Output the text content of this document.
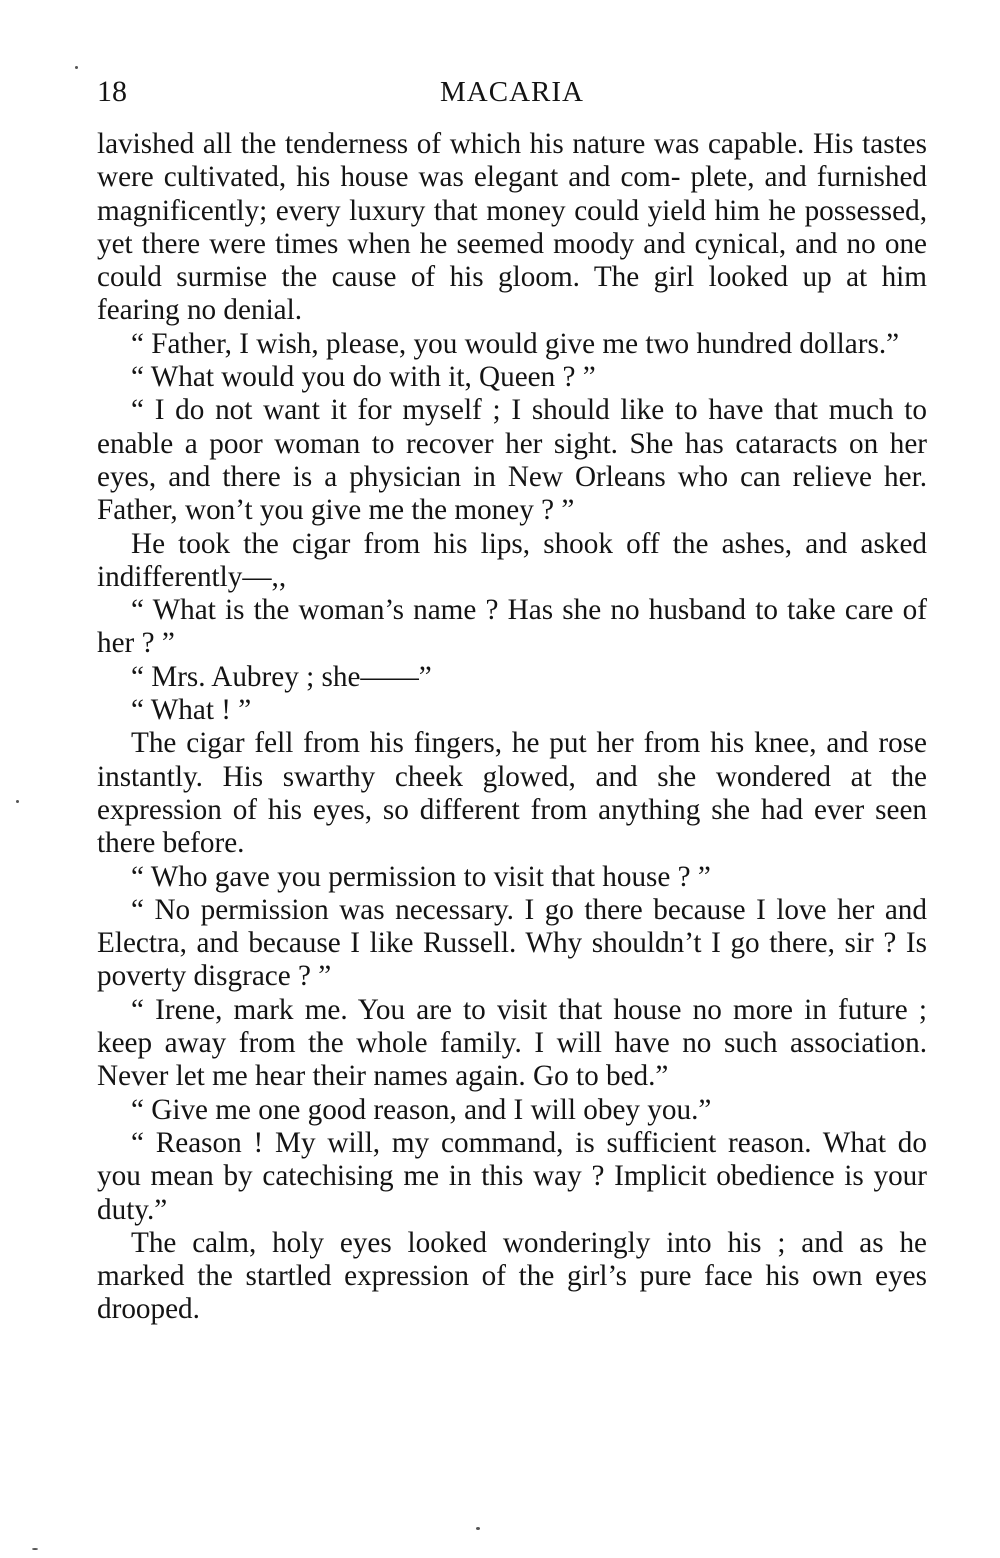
18	MACARIA

lavished all the tenderness of which his nature was capable. His tastes were cultivated, his house was elegant and com- plete, and furnished magnificently; every luxury that money could yield him he possessed, yet there were times when he seemed moody and cynical, and no one could surmise the cause of his gloom. The girl looked up at him fearing no denial.

“ Father, I wish, please, you would give me two hundred dollars.”

“ What would you do with it, Queen ? ”

“ I do not want it for myself ; I should like to have that much to enable a poor woman to recover her sight. She has cataracts on her eyes, and there is a physician in New Orleans who can relieve her. Father, won’t you give me the money ? ”

He took the cigar from his lips, shook off the ashes, and asked indifferently—,,

“ What is the woman’s name ? Has she no husband to take care of her ? ”

“ Mrs. Aubrey ; she——”

“ What ! ”

The cigar fell from his fingers, he put her from his knee, and rose instantly. His swarthy cheek glowed, and she wondered at the expression of his eyes, so different from anything she had ever seen there before.

“ Who gave you permission to visit that house ? ”

“ No permission was necessary. I go there because I love her and Electra, and because I like Russell. Why shouldn’t I go there, sir ? Is poverty disgrace ? ”

“ Irene, mark me. You are to visit that house no more in future ; keep away from the whole family. I will have no such association. Never let me hear their names again. Go to bed.”

“ Give me one good reason, and I will obey you.”

“ Reason ! My will, my command, is sufficient reason. What do you mean by catechising me in this way ? Implicit obedience is your duty.”

The calm, holy eyes looked wonderingly into his ; and as he marked the startled expression of the girl’s pure face his own eyes drooped.
